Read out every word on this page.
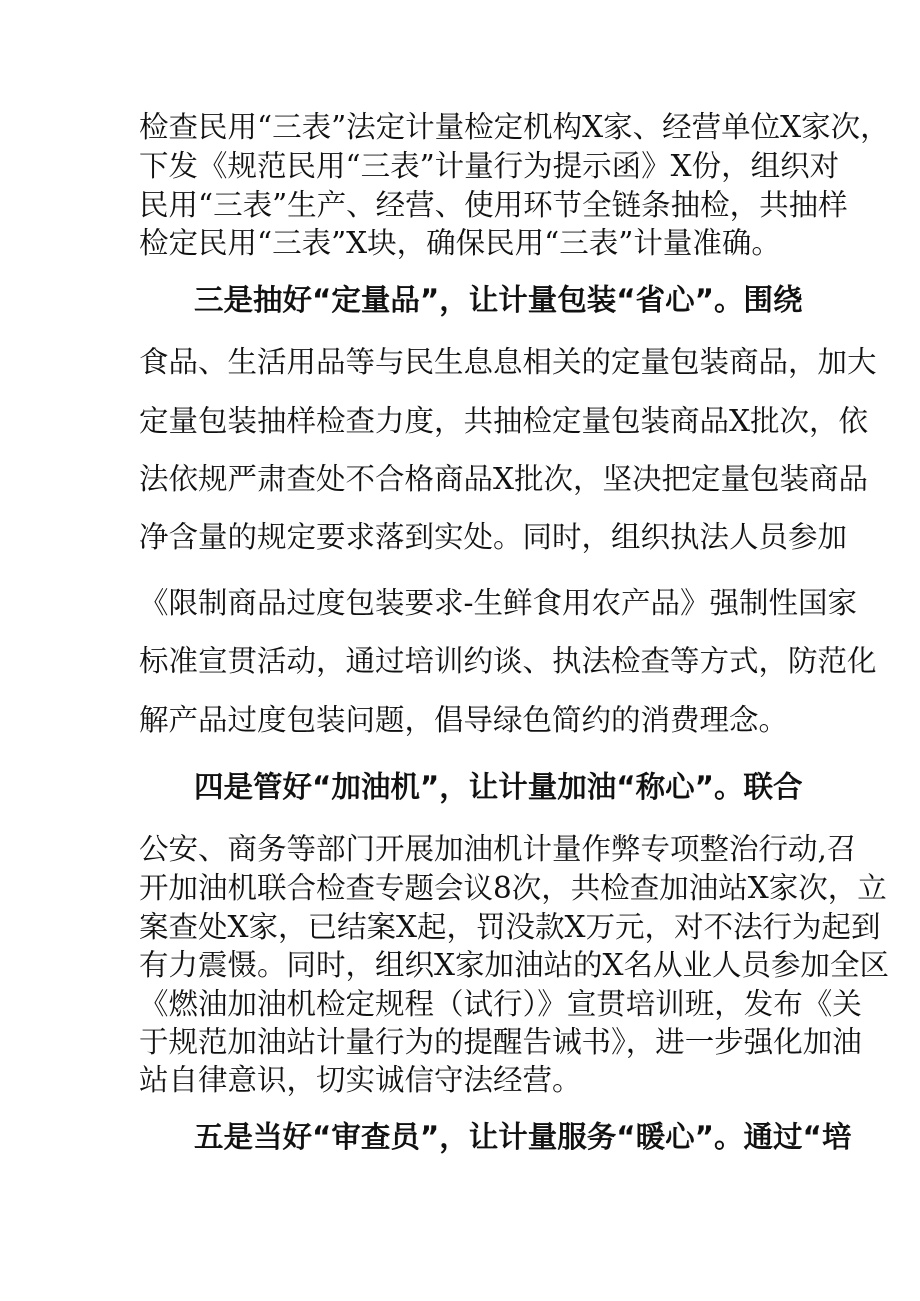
检查民用“三表”法定计量检定机构X家、经营单位X家次，
下发《规范民用“三表”计量行为提示函》X份，组织对
民用“三表”生产、经营、使用环节全链条抽检，共抽样
检定民用“三表”X块，确保民用“三表”计量准确。
三是抽好“定量品”，让计量包装“省心”。围绕
食品、生活用品等与民生息息相关的定量包装商品，加大
定量包装抽样检查力度，共抽检定量包装商品X批次，依
法依规严肃查处不合格商品X批次，坚决把定量包装商品
净含量的规定要求落到实处。同时，组织执法人员参加
《限制商品过度包装要求-生鲜食用农产品》强制性国家
标准宣贯活动，通过培训约谈、执法检查等方式，防范化
解产品过度包装问题，倡导绿色简约的消费理念。
四是管好“加油机”，让计量加油“称心”。联合
公安、商务等部门开展加油机计量作弊专项整治行动,召
开加油机联合检查专题会议8次，共检查加油站X家次，立
案查处X家，已结案X起，罚没款X万元，对不法行为起到
有力震慑。同时，组织X家加油站的X名从业人员参加全区
《燃油加油机检定规程（试行）》宣贯培训班，发布《关
于规范加油站计量行为的提醒告诫书》，进一步强化加油
站自律意识，切实诚信守法经营。
五是当好“审查员”，让计量服务“暖心”。通过“培
